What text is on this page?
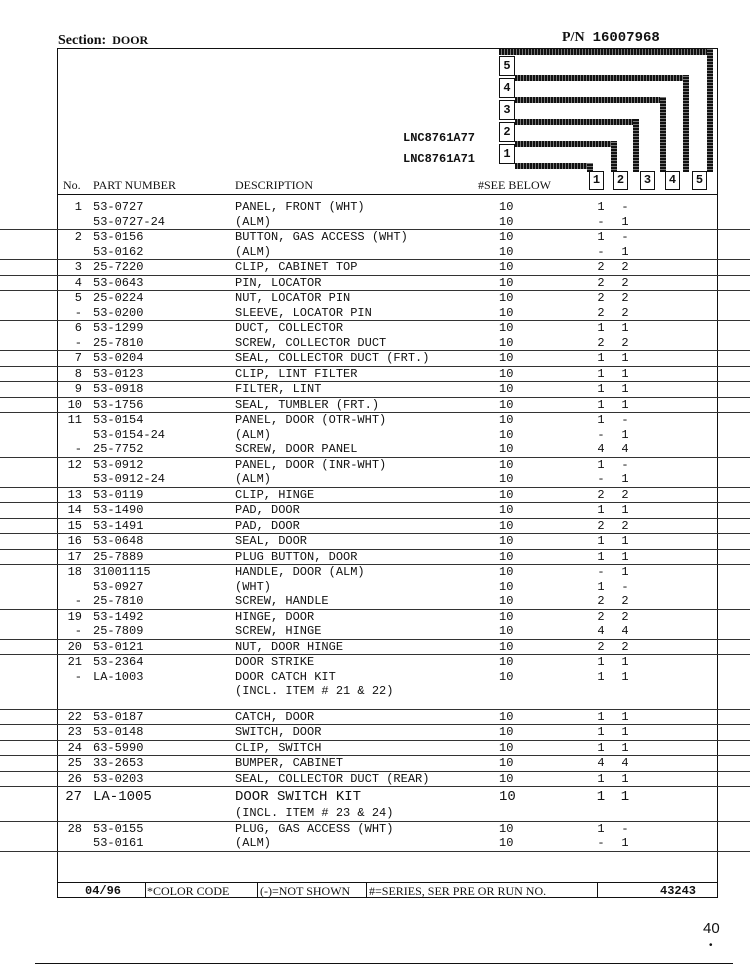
Section: DOOR	P/N 16007968
LNC8761A77
LNC8761A71
5
4
3
2
1
1	2	3	4	5
No. PART NUMBER	DESCRIPTION	#SEE BELOW
1 53-0727	PANEL, FRONT (WHT)	10	1 -
53-0727-24	(ALM)	10	- 1
2 53-0156	BUTTON, GAS ACCESS (WHT)	10	1 -
53-0162	(ALM)	10	- 1
3 25-7220	CLIP, CABINET TOP	10	2 2
4 53-0643	PIN, LOCATOR	10	2 2
5 25-0224	NUT, LOCATOR PIN	10	2 2
- 53-0200	SLEEVE, LOCATOR PIN	10	2 2
6 53-1299	DUCT, COLLECTOR	10	1 1
- 25-7810	SCREW, COLLECTOR DUCT	10	2 2
7 53-0204	SEAL, COLLECTOR DUCT (FRT.)	10	1 1
8 53-0123	CLIP, LINT FILTER	10	1 1
9 53-0918	FILTER, LINT	10	1 1
10 53-1756	SEAL, TUMBLER (FRT.)	10	1 1
11 53-0154	PANEL, DOOR (OTR-WHT)	10	1 -
53-0154-24	(ALM)	10	- 1
- 25-7752	SCREW, DOOR PANEL	10	4 4
12 53-0912	PANEL, DOOR (INR-WHT)	10	1 -
53-0912-24	(ALM)	10	- 1
13 53-0119	CLIP, HINGE	10	2 2
14 53-1490	PAD, DOOR	10	1 1
15 53-1491	PAD, DOOR	10	2 2
16 53-0648	SEAL, DOOR	10	1 1
17 25-7889	PLUG BUTTON, DOOR	10	1 1
18 31001115	HANDLE, DOOR (ALM)	10	- 1
53-0927	(WHT)	10	1 -
- 25-7810	SCREW, HANDLE	10	2 2
19 53-1492	HINGE, DOOR	10	2 2
- 25-7809	SCREW, HINGE	10	4 4
20 53-0121	NUT, DOOR HINGE	10	2 2
21 53-2364	DOOR STRIKE	10	1 1
- LA-1003	DOOR CATCH KIT	10	1 1
(INCL. ITEM # 21 & 22)
22 53-0187	CATCH, DOOR	10	1 1
23 53-0148	SWITCH, DOOR	10	1 1
24 63-5990	CLIP, SWITCH	10	1 1
25 33-2653	BUMPER, CABINET	10	4 4
26 53-0203	SEAL, COLLECTOR DUCT (REAR)	10	1 1
27 LA-1005	DOOR SWITCH KIT	10	1 1
(INCL. ITEM # 23 & 24)
28 53-0155	PLUG, GAS ACCESS (WHT)	10	1 -
53-0161	(ALM)	10	- 1
04/96 *COLOR CODE	(-)=NOT SHOWN #=SERIES, SER PRE OR RUN NO.	43243
40
•
